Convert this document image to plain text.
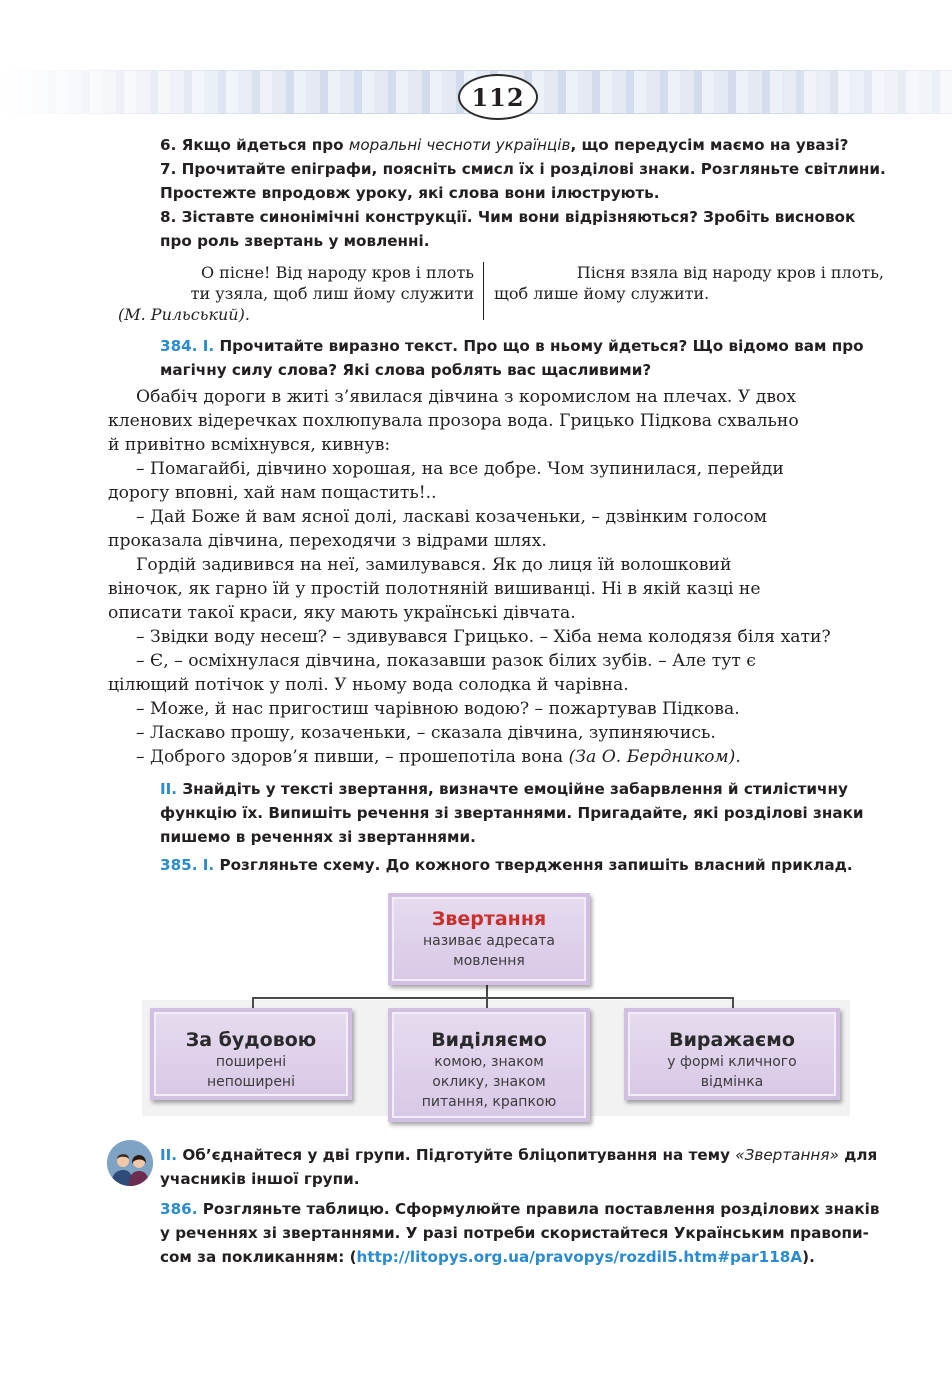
112
6. Якщо йдеться про моральні чесноти українців, що передусім маємо на увазі?
7. Прочитайте епіграфи, поясніть смисл їх і розділові знаки. Розгляньте світлини.
Простежте впродовж уроку, які слова вони ілюструють.
8. Зіставте синонімічні конструкції. Чим вони відрізняються? Зробіть висновок
про роль звертань у мовленні.
О пісне! Від народу кров і плоть
ти узяла, щоб лиш йому служити
(М. Рильський).
Пісня взяла від народу кров і плоть,
щоб лише йому служити.
384. І. Прочитайте виразно текст. Про що в ньому йдеться? Що відомо вам про
магічну силу слова? Які слова роблять вас щасливими?
Обабіч дороги в житі з’явилася дівчина з коромислом на плечах. У двох
кленових відеречках похлюпувала прозора вода. Грицько Підкова схвально
й привітно всміхнувся, кивнув:
– Помагайбі, дівчино хорошая, на все добре. Чом зупинилася, перейди
дорогу вповні, хай нам пощастить!..
– Дай Боже й вам ясної долі, ласкаві козаченьки, – дзвінким голосом
проказала дівчина, переходячи з відрами шлях.
Гордій задивився на неї, замилувався. Як до лиця їй волошковий
віночок, як гарно їй у простій полотняній вишиванці. Ні в якій казці не
описати такої краси, яку мають українські дівчата.
– Звідки воду несеш? – здивувався Грицько. – Хіба нема колодязя біля хати?
– Є, – осміхнулася дівчина, показавши разок білих зубів. – Але тут є
цілющий потічок у полі. У ньому вода солодка й чарівна.
– Може, й нас пригостиш чарівною водою? – пожартував Підкова.
– Ласкаво прошу, козаченьки, – сказала дівчина, зупиняючись.
– Доброго здоров’я пивши, – прошепотіла вона (За О. Бердником).
ІІ. Знайдіть у тексті звертання, визначте емоційне забарвлення й стилістичну
функцію їх. Випишіть речення зі звертаннями. Пригадайте, які розділові знаки
пишемо в реченнях зі звертаннями.
385. І. Розгляньте схему. До кожного твердження запишіть власний приклад.
Звертання
називає адресата
мовлення
За будовою
поширені
непоширені
Виділяємо
комою, знаком
оклику, знаком
питання, крапкою
Виражаємо
у формі кличного
відмінка
ІІ. Об’єднайтеся у дві групи. Підготуйте бліцопитування на тему «Звертання» для
учасників іншої групи.
386. Розгляньте таблицю. Сформулюйте правила поставлення розділових знаків
у реченнях зі звертаннями. У разі потреби скористайтеся Українським правопи-
сом за покликанням: (http://litopys.org.ua/pravopys/rozdil5.htm#par118A).
